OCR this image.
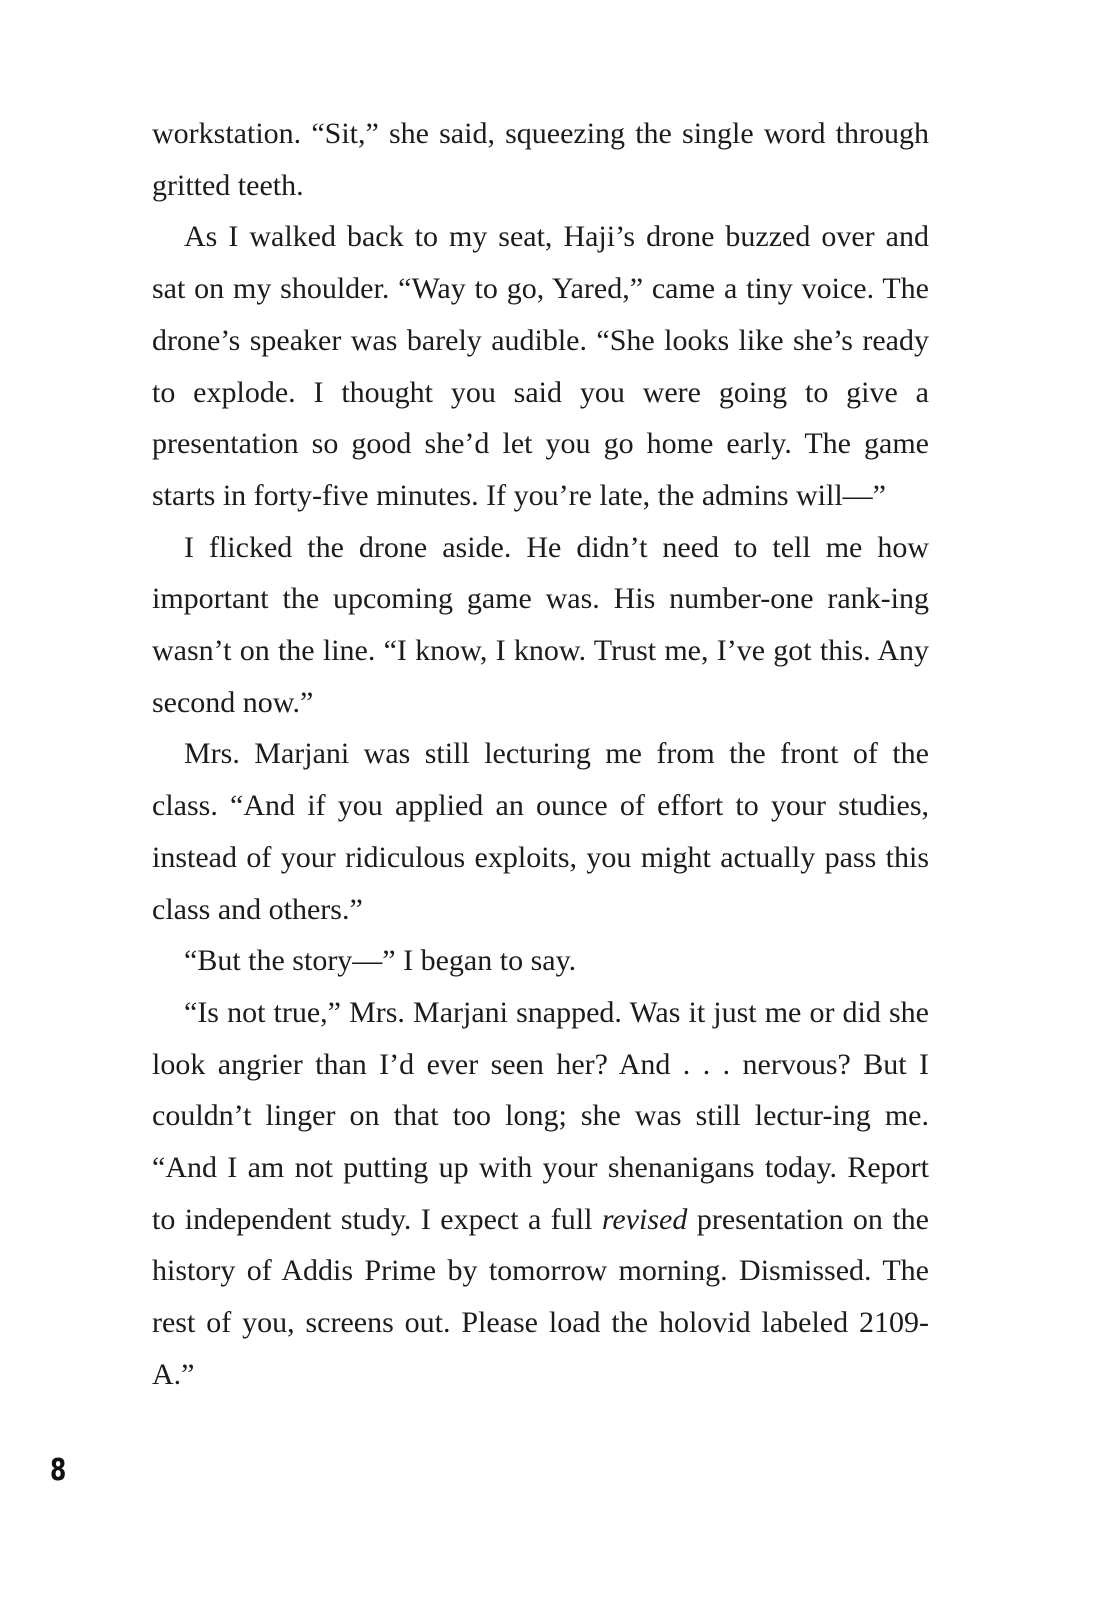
workstation. “Sit,” she said, squeezing the single word through gritted teeth.

As I walked back to my seat, Haji’s drone buzzed over and sat on my shoulder. “Way to go, Yared,” came a tiny voice. The drone’s speaker was barely audible. “She looks like she’s ready to explode. I thought you said you were going to give a presentation so good she’d let you go home early. The game starts in forty-five minutes. If you’re late, the admins will—”

I flicked the drone aside. He didn’t need to tell me how important the upcoming game was. His number-one rank-ing wasn’t on the line. “I know, I know. Trust me, I’ve got this. Any second now.”

Mrs. Marjani was still lecturing me from the front of the class. “And if you applied an ounce of effort to your studies, instead of your ridiculous exploits, you might actually pass this class and others.”

“But the story—” I began to say.

“Is not true,” Mrs. Marjani snapped. Was it just me or did she look angrier than I’d ever seen her? And . . . nervous? But I couldn’t linger on that too long; she was still lectur-ing me. “And I am not putting up with your shenanigans today. Report to independent study. I expect a full revised presentation on the history of Addis Prime by tomorrow morning. Dismissed. The rest of you, screens out. Please load the holovid labeled 2109-A.”

8
